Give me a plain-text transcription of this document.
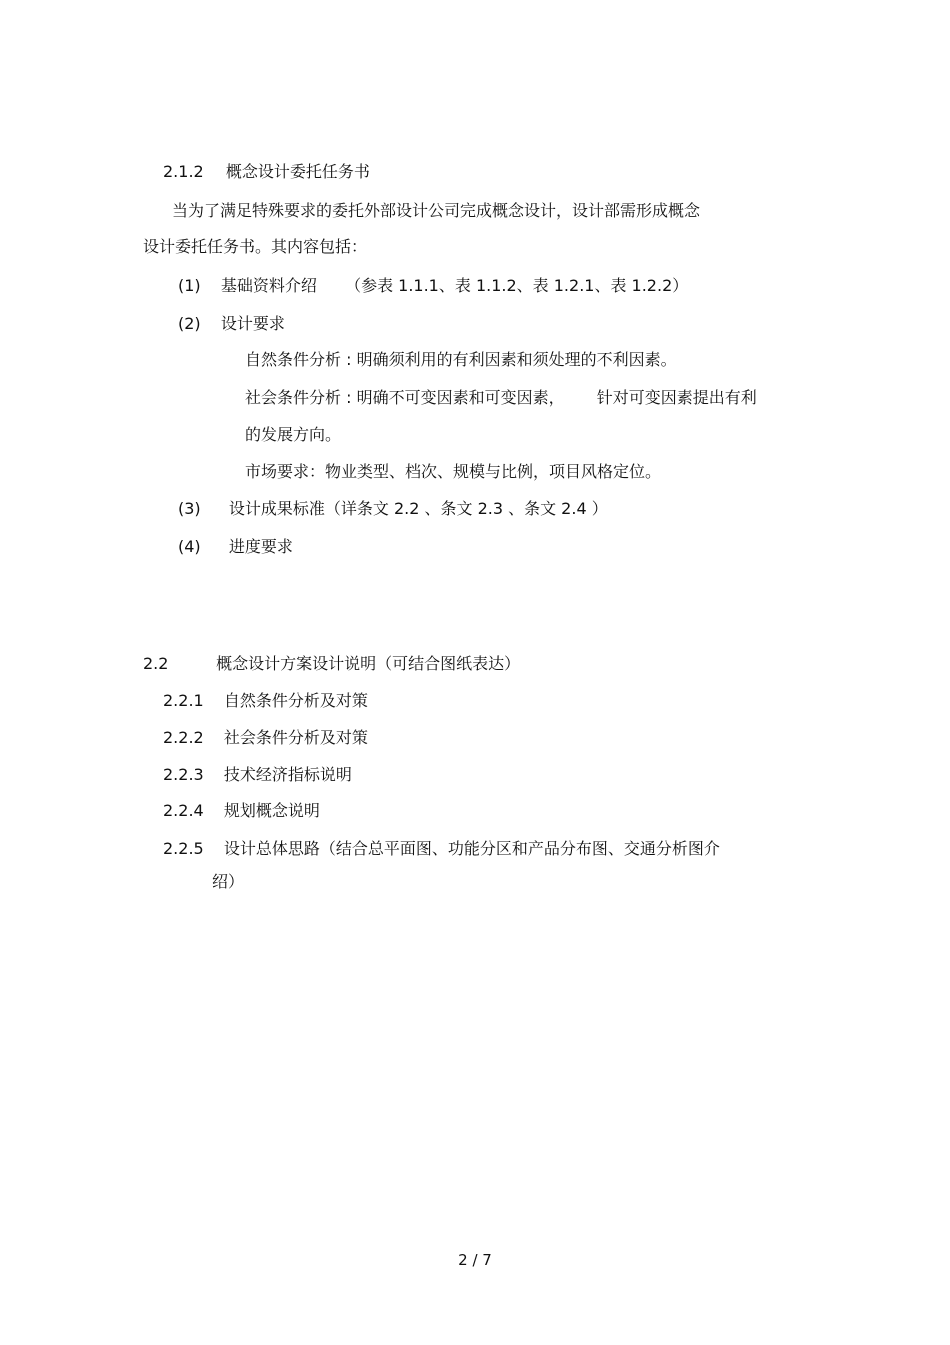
2.1.2 概念设计委托任务书
当为了满足特殊要求的委托外部设计公司完成概念设计，设计部需形成概念
设计委托任务书。其内容包括：
(1) 基础资料介绍 （参表 1.1.1、表 1.1.2、表 1.2.1、表 1.2.2）
(2) 设计要求
自然条件分析 : 明确须利用的有利因素和须处理的不利因素。
社会条件分析 : 明确不可变因素和可变因素， 针对可变因素提出有利
的发展方向。
市场要求：物业类型、档次、规模与比例，项目风格定位。
(3) 设计成果标准（详条文 2.2 、条文 2.3 、条文 2.4 ）
(4) 进度要求
2.2	概念设计方案设计说明（可结合图纸表达）
2.2.1 自然条件分析及对策
2.2.2 社会条件分析及对策
2.2.3 技术经济指标说明
2.2.4 规划概念说明
2.2.5 设计总体思路（结合总平面图、功能分区和产品分布图、交通分析图介
绍）
2 / 7
